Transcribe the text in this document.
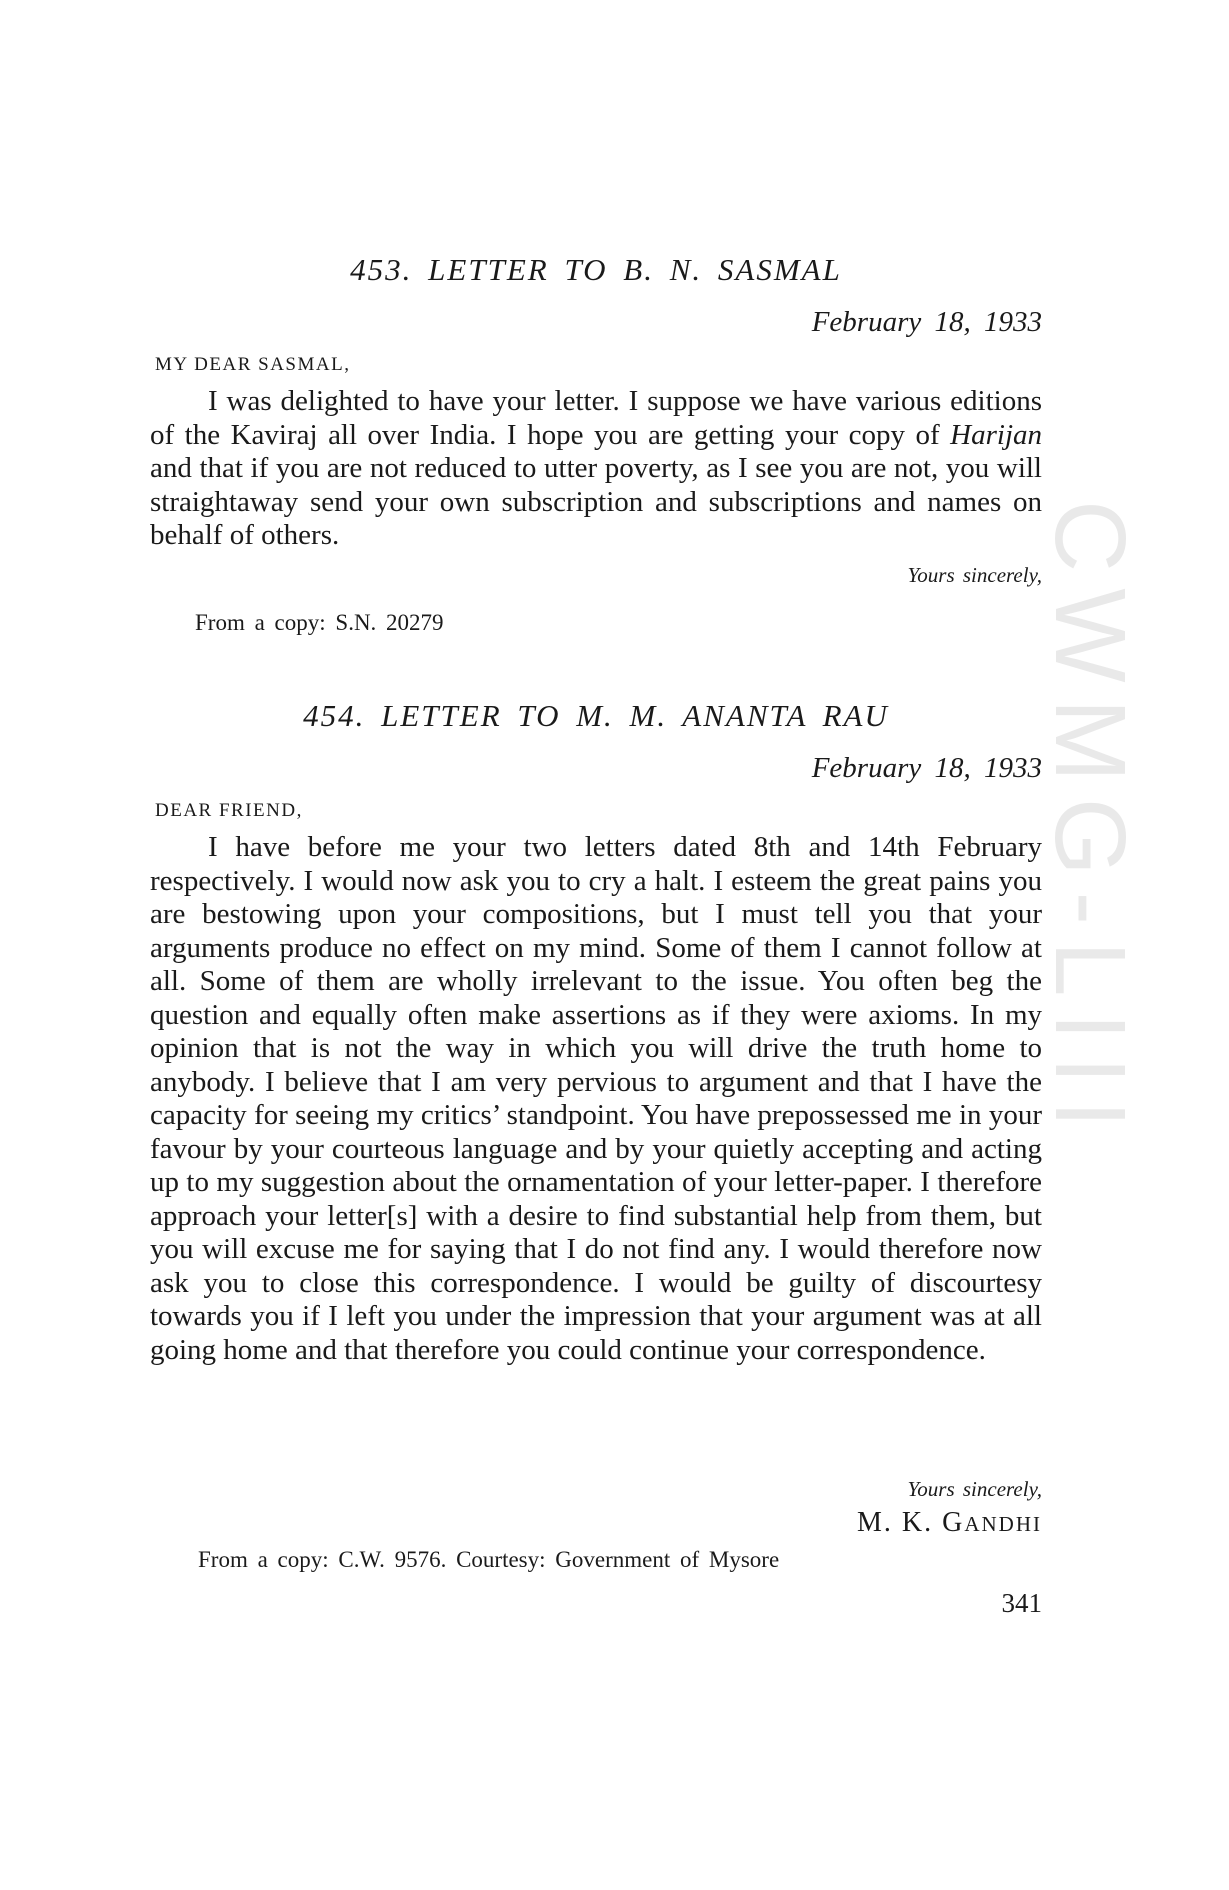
CWMG-LIII
453. LETTER TO B. N. SASMAL
February 18, 1933
MY DEAR SASMAL,

I was delighted to have your letter. I suppose we have various editions of the Kaviraj all over India. I hope you are getting your copy of Harijan and that if you are not reduced to utter poverty, as I see you are not, you will straightaway send your own subscription and subscriptions and names on behalf of others.

Yours sincerely,
From a copy: S.N. 20279
454. LETTER TO M. M. ANANTA RAU
February 18, 1933
DEAR FRIEND,

I have before me your two letters dated 8th and 14th February respectively. I would now ask you to cry a halt. I esteem the great pains you are bestowing upon your compositions, but I must tell you that your arguments produce no effect on my mind. Some of them I cannot follow at all. Some of them are wholly irrelevant to the issue. You often beg the question and equally often make assertions as if they were axioms. In my opinion that is not the way in which you will drive the truth home to anybody. I believe that I am very pervious to argument and that I have the capacity for seeing my critics’ standpoint. You have prepossessed me in your favour by your courteous language and by your quietly accepting and acting up to my suggestion about the ornamentation of your letter-paper. I therefore approach your letter[s] with a desire to find substantial help from them, but you will excuse me for saying that I do not find any. I would therefore now ask you to close this correspondence. I would be guilty of discourtesy towards you if I left you under the impression that your argument was at all going home and that therefore you could continue your correspondence.

Yours sincerely,
M. K. GANDHI
From a copy: C.W. 9576. Courtesy: Government of Mysore
341
